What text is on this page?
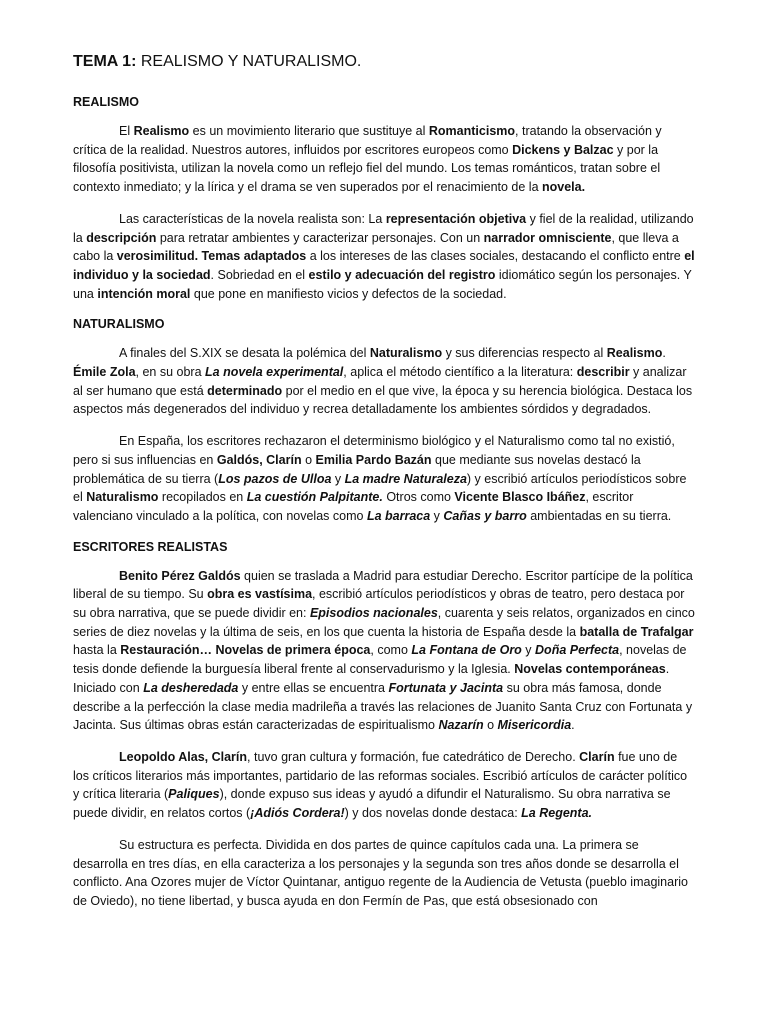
TEMA 1: REALISMO Y NATURALISMO.
REALISMO

El Realismo es un movimiento literario que sustituye al Romanticismo, tratando la observación y crítica de la realidad. Nuestros autores, influidos por escritores europeos como Dickens y Balzac y por la filosofía positivista, utilizan la novela como un reflejo fiel del mundo. Los temas románticos, tratan sobre el contexto inmediato; y la lírica y el drama se ven superados por el renacimiento de la novela.

Las características de la novela realista son: La representación objetiva y fiel de la realidad, utilizando la descripción para retratar ambientes y caracterizar personajes. Con un narrador omnisciente, que lleva a cabo la verosimilitud. Temas adaptados a los intereses de las clases sociales, destacando el conflicto entre el individuo y la sociedad. Sobriedad en el estilo y adecuación del registro idiomático según los personajes. Y una intención moral que pone en manifiesto vicios y defectos de la sociedad.

NATURALISMO

A finales del S.XIX se desata la polémica del Naturalismo y sus diferencias respecto al Realismo. Émile Zola, en su obra La novela experimental, aplica el método científico a la literatura: describir y analizar al ser humano que está determinado por el medio en el que vive, la época y su herencia biológica. Destaca los aspectos más degenerados del individuo y recrea detalladamente los ambientes sórdidos y degradados.

En España, los escritores rechazaron el determinismo biológico y el Naturalismo como tal no existió, pero si sus influencias en Galdós, Clarín o Emilia Pardo Bazán que mediante sus novelas destacó la problemática de su tierra (Los pazos de Ulloa y La madre Naturaleza) y escribió artículos periodísticos sobre el Naturalismo recopilados en La cuestión Palpitante. Otros como Vicente Blasco Ibáñez, escritor valenciano vinculado a la política, con novelas como La barraca y Cañas y barro ambientadas en su tierra.

ESCRITORES REALISTAS

Benito Pérez Galdós quien se traslada a Madrid para estudiar Derecho. Escritor partícipe de la política liberal de su tiempo. Su obra es vastísima, escribió artículos periodísticos y obras de teatro, pero destaca por su obra narrativa, que se puede dividir en: Episodios nacionales, cuarenta y seis relatos, organizados en cinco series de diez novelas y la última de seis, en los que cuenta la historia de España desde la batalla de Trafalgar hasta la Restauración… Novelas de primera época, como La Fontana de Oro y Doña Perfecta, novelas de tesis donde defiende la burguesía liberal frente al conservadurismo y la Iglesia. Novelas contemporáneas. Iniciado con La desheredada y entre ellas se encuentra Fortunata y Jacinta su obra más famosa, donde describe a la perfección la clase media madrileña a través las relaciones de Juanito Santa Cruz con Fortunata y Jacinta. Sus últimas obras están caracterizadas de espiritualismo Nazarín o Misericordia.

Leopoldo Alas, Clarín, tuvo gran cultura y formación, fue catedrático de Derecho. Clarín fue uno de los críticos literarios más importantes, partidario de las reformas sociales. Escribió artículos de carácter político y crítica literaria (Paliques), donde expuso sus ideas y ayudó a difundir el Naturalismo. Su obra narrativa se puede dividir, en relatos cortos (¡Adiós Cordera!) y dos novelas donde destaca: La Regenta.

Su estructura es perfecta. Dividida en dos partes de quince capítulos cada una. La primera se desarrolla en tres días, en ella caracteriza a los personajes y la segunda son tres años donde se desarrolla el conflicto. Ana Ozores mujer de Víctor Quintanar, antiguo regente de la Audiencia de Vetusta (pueblo imaginario de Oviedo), no tiene libertad, y busca ayuda en don Fermín de Pas, que está obsesionado con
